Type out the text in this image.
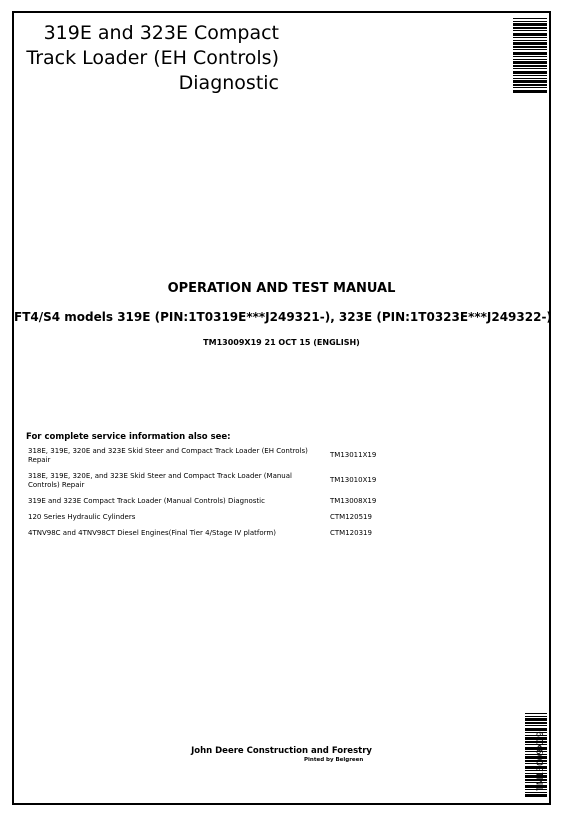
319E and 323E Compact
Track Loader (EH Controls)
Diagnostic
OPERATION AND TEST MANUAL
FT4/S4 models 319E (PIN:1T0319E***J249321-), 323E (PIN:1T0323E***J249322-)
TM13009X19 21 OCT 15 (ENGLISH)
For complete service information also see:
318E, 319E, 320E and 323E Skid Steer and Compact Track Loader (EH Controls) Repair
TM13011X19
318E, 319E, 320E, and 323E Skid Steer and Compact Track Loader (Manual Controls) Repair
TM13010X19
319E and 323E Compact Track Loader (Manual Controls) Diagnostic	TM13008X19
120 Series Hydraulic Cylinders	CTM120519
4TNV98C and 4TNV98CT Diesel Engines(Final Tier 4/Stage IV platform)	CTM120319
John Deere Construction and Forestry
Pinted by Belgreen	TM13009X19
